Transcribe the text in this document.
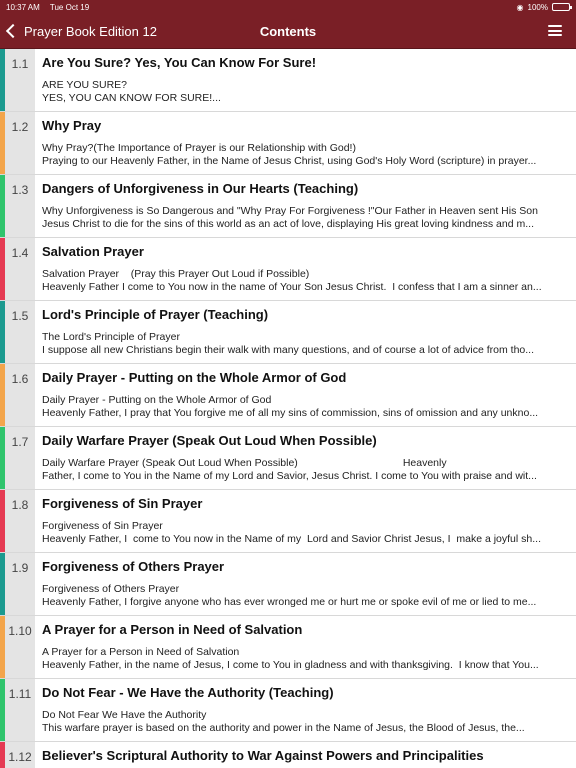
10:37 AM Tue Oct 19	◉ 100%
Prayer Book Edition 12	Contents
1.1	Are You Sure? Yes, You Can Know For Sure!
ARE YOU SURE?
YES, YOU CAN KNOW FOR SURE!...
1.2	Why Pray
Why Pray?(The Importance of Prayer is our Relationship with God!)
Praying to our Heavenly Father, in the Name of Jesus Christ, using God's Holy Word (scripture) in prayer...
1.3	Dangers of Unforgiveness in Our Hearts (Teaching)
Why Unforgiveness is So Dangerous and "Why Pray For Forgiveness !"Our Father in Heaven sent His Son
Jesus Christ to die for the sins of this world as an act of love, displaying His great loving kindness and m...
1.4	Salvation Prayer
Salvation Prayer    (Pray this Prayer Out Loud if Possible)
Heavenly Father I come to You now in the name of Your Son Jesus Christ.  I confess that I am a sinner an...
1.5	Lord's Principle of Prayer (Teaching)
The Lord's Principle of Prayer
I suppose all new Christians begin their walk with many questions, and of course a lot of advice from tho...
1.6	Daily Prayer - Putting on the Whole Armor of God
Daily Prayer - Putting on the Whole Armor of God
Heavenly Father, I pray that You forgive me of all my sins of commission, sins of omission and any unkno...
1.7	Daily Warfare Prayer (Speak Out Loud When Possible)
Daily Warfare Prayer (Speak Out Loud When Possible)                                    Heavenly
Father, I come to You in the Name of my Lord and Savior, Jesus Christ. I come to You with praise and wit...
1.8	Forgiveness of Sin Prayer
Forgiveness of Sin Prayer
Heavenly Father, I  come to You now in the Name of my  Lord and Savior Christ Jesus, I  make a joyful sh...
1.9	Forgiveness of Others Prayer
Forgiveness of Others Prayer
Heavenly Father, I forgive anyone who has ever wronged me or hurt me or spoke evil of me or lied to me...
1.10 A Prayer for a Person in Need of Salvation
A Prayer for a Person in Need of Salvation
Heavenly Father, in the name of Jesus, I come to You in gladness and with thanksgiving.  I know that You...
1.11 Do Not Fear - We Have the Authority (Teaching)
Do Not Fear We Have the Authority
This warfare prayer is based on the authority and power in the Name of Jesus, the Blood of Jesus, the...
1.12 Believer's Scriptural Authority to War Against Powers and Principalities
